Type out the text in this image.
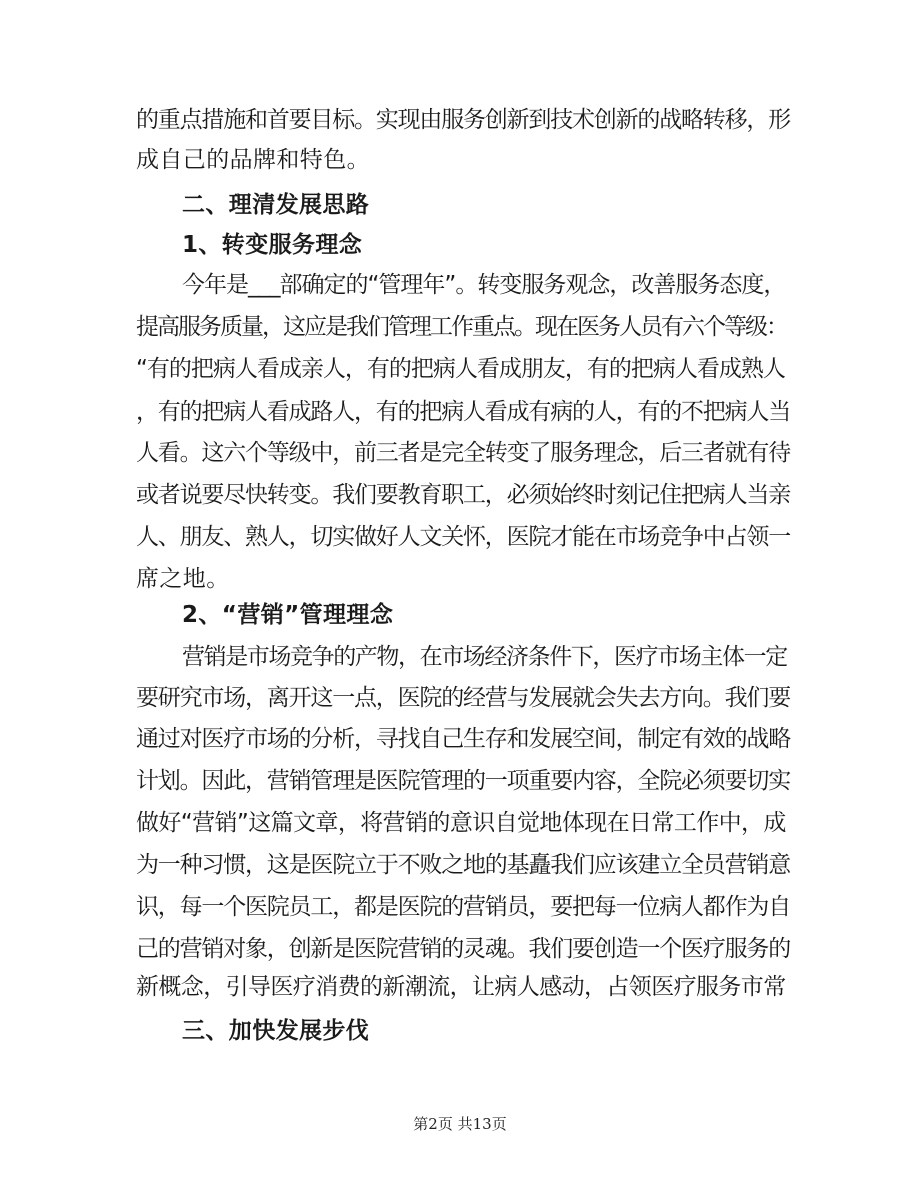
的重点措施和首要目标。实现由服务创新到技术创新的战略转移，形
成自己的品牌和特色。
二、理清发展思路
1、转变服务理念
今年是___部确定的“管理年”。转变服务观念，改善服务态度，
提高服务质量，这应是我们管理工作重点。现在医务人员有六个等级：
“有的把病人看成亲人，有的把病人看成朋友，有的把病人看成熟人
，有的把病人看成路人，有的把病人看成有病的人，有的不把病人当
人看。这六个等级中，前三者是完全转变了服务理念，后三者就有待
或者说要尽快转变。我们要教育职工，必须始终时刻记住把病人当亲
人、朋友、熟人，切实做好人文关怀，医院才能在市场竞争中占领一
席之地。
2、“营销”管理理念
营销是市场竞争的产物，在市场经济条件下，医疗市场主体一定
要研究市场，离开这一点，医院的经营与发展就会失去方向。我们要
通过对医疗市场的分析，寻找自己生存和发展空间，制定有效的战略
计划。因此，营销管理是医院管理的一项重要内容，全院必须要切实
做好“营销”这篇文章，将营销的意识自觉地体现在日常工作中，成
为一种习惯，这是医院立于不败之地的基矗我们应该建立全员营销意
识，每一个医院员工，都是医院的营销员，要把每一位病人都作为自
己的营销对象，创新是医院营销的灵魂。我们要创造一个医疗服务的
新概念，引导医疗消费的新潮流，让病人感动，占领医疗服务市常
三、加快发展步伐
第2页 共13页
